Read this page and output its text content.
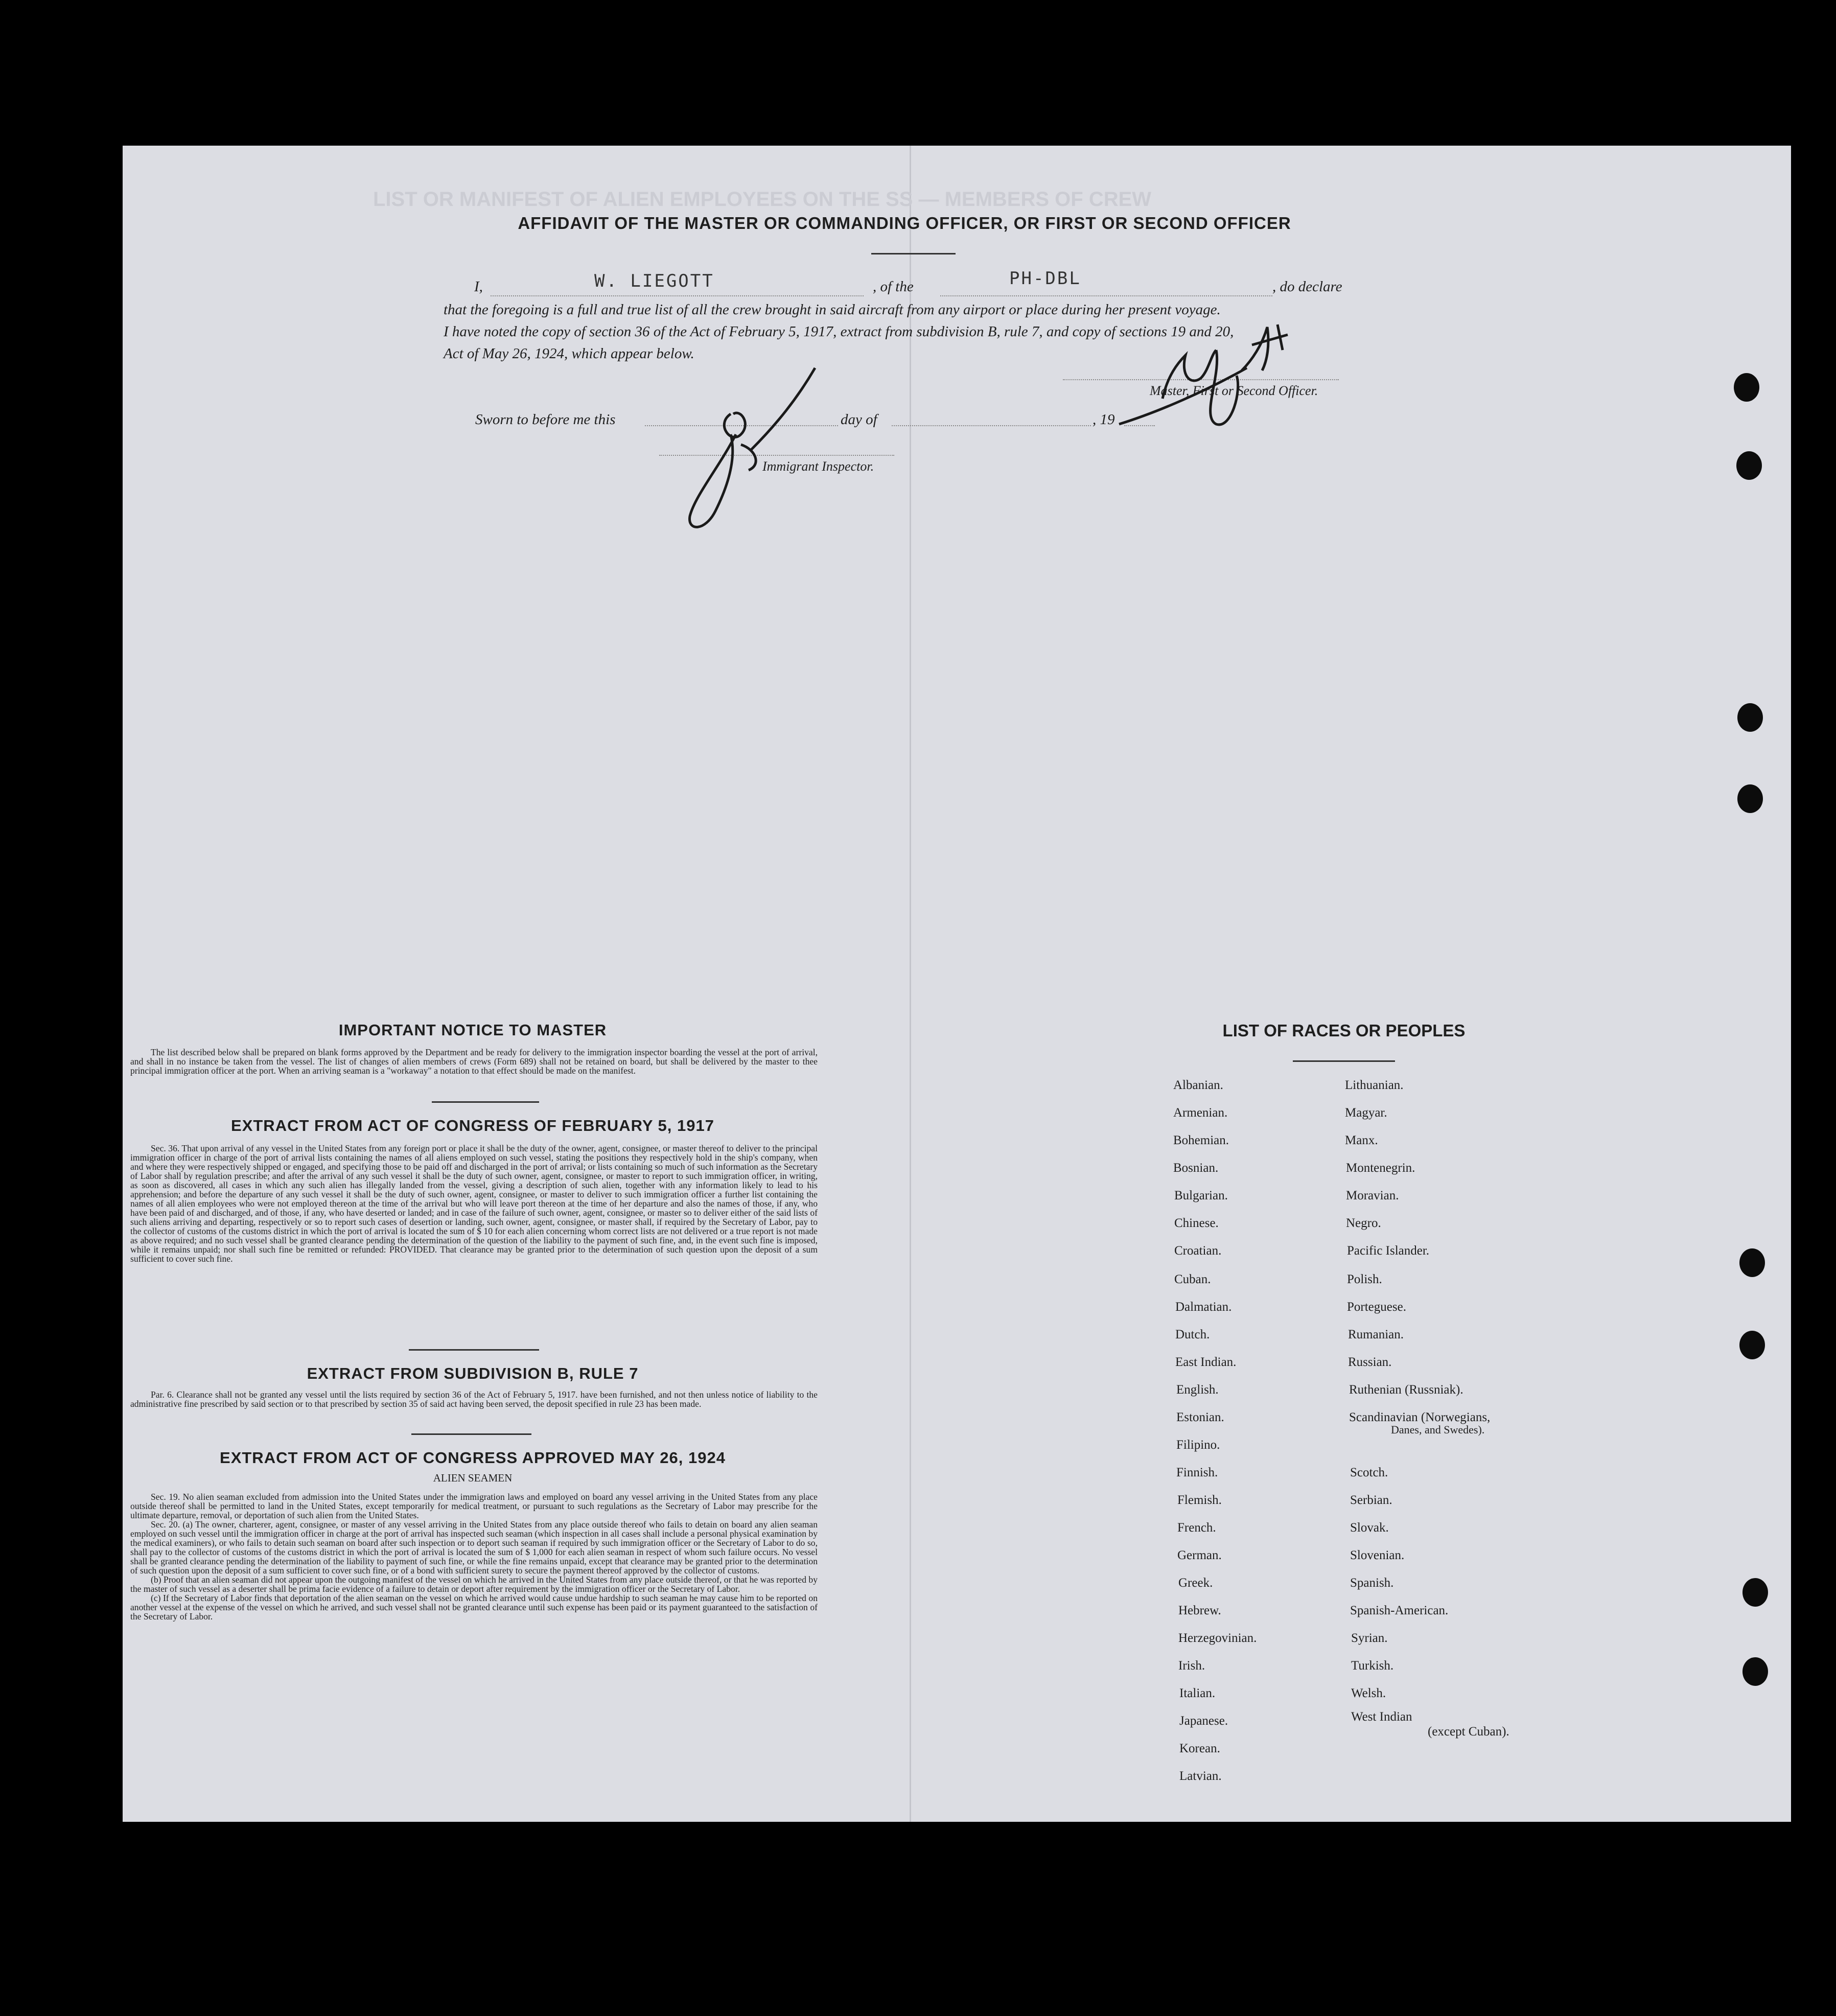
LIST OR MANIFEST OF ALIEN EMPLOYEES ON THE SS — MEMBERS OF CREW
AFFIDAVIT OF THE MASTER OR COMMANDING OFFICER, OR FIRST OR SECOND OFFICER
I,	W. LIEGOTT	, of the	PH-DBL	, do declare
that the foregoing is a full and true list of all the crew brought in said aircraft from any airport or place during her present voyage.
I have noted the copy of section 36 of the Act of February 5, 1917, extract from subdivision B, rule 7, and copy of sections 19 and 20,
Act of May 26, 1924, which appear below.
Master, First or Second Officer.
Sworn to before me this	day of	, 19
Immigrant Inspector.
IMPORTANT NOTICE TO MASTER
The list described below shall be prepared on blank forms approved by the Department and be ready for delivery to the immigration inspector boarding the vessel at the port of arrival, and shall in no instance be taken from the vessel. The list of changes of alien members of crews (Form 689) shall not be retained on board, but shall be delivered by the master to thee principal immigration officer at the port. When an arriving seaman is a "workaway" a notation to that effect should be made on the manifest.
EXTRACT FROM ACT OF CONGRESS OF FEBRUARY 5, 1917
Sec. 36. That upon arrival of any vessel in the United States from any foreign port or place it shall be the duty of the owner, agent, consignee, or master thereof to deliver to the principal immigration officer in charge of the port of arrival lists containing the names of all aliens employed on such vessel, stating the positions they respectively hold in the ship's company, when and where they were respectively shipped or engaged, and specifying those to be paid off and discharged in the port of arrival; or lists containing so much of such information as the Secretary of Labor shall by regulation prescribe; and after the arrival of any such vessel it shall be the duty of such owner, agent, consignee, or master to report to such immigration officer, in writing, as soon as discovered, all cases in which any such alien has illegally landed from the vessel, giving a description of such alien, together with any information likely to lead to his apprehension; and before the departure of any such vessel it shall be the duty of such owner, agent, consignee, or master to deliver to such immigration officer a further list containing the names of all alien employees who were not employed thereon at the time of the arrival but who will leave port thereon at the time of her departure and also the names of those, if any, who have been paid of and discharged, and of those, if any, who have deserted or landed; and in case of the failure of such owner, agent, consignee, or master so to deliver either of the said lists of such aliens arriving and departing, respectively or so to report such cases of desertion or landing, such owner, agent, consignee, or master shall, if required by the Secretary of Labor, pay to the collector of customs of the customs district in which the port of arrival is located the sum of $ 10 for each alien concerning whom correct lists are not delivered or a true report is not made as above required; and no such vessel shall be granted clearance pending the determination of the question of the liability to the payment of such fine, and, in the event such fine is imposed, while it remains unpaid; nor shall such fine be remitted or refunded: PROVIDED. That clearance may be granted prior to the determination of such question upon the deposit of a sum sufficient to cover such fine.
EXTRACT FROM SUBDIVISION B, RULE 7
Par. 6. Clearance shall not be granted any vessel until the lists required by section 36 of the Act of February 5, 1917. have been furnished, and not then unless notice of liability to the administrative fine prescribed by said section or to that prescribed by section 35 of said act having been served, the deposit specified in rule 23 has been made.
EXTRACT FROM ACT OF CONGRESS APPROVED MAY 26, 1924
ALIEN SEAMEN

Sec. 19. No alien seaman excluded from admission into the United States under the immigration laws and employed on board any vessel arriving in the United States from any place outside thereof shall be permitted to land in the United States, except temporarily for medical treatment, or pursuant to such regulations as the Secretary of Labor may prescribe for the ultimate departure, removal, or deportation of such alien from the United States.

Sec. 20. (a) The owner, charterer, agent, consignee, or master of any vessel arriving in the United States from any place outside thereof who fails to detain on board any alien seaman employed on such vessel until the immigration officer in charge at the port of arrival has inspected such seaman (which inspection in all cases shall include a personal physical examination by the medical examiners), or who fails to detain such seaman on board after such inspection or to deport such seaman if required by such immigration officer or the Secretary of Labor to do so, shall pay to the collector of customs of the customs district in which the port of arrival is located the sum of $ 1,000 for each alien seaman in respect of whom such failure occurs. No vessel shall be granted clearance pending the determination of the liability to payment of such fine, or while the fine remains unpaid, except that clearance may be granted prior to the determination of such question upon the deposit of a sum sufficient to cover such fine, or of a bond with sufficient surety to secure the payment thereof approved by the collector of customs.

(b) Proof that an alien seaman did not appear upon the outgoing manifest of the vessel on which he arrived in the United States from any place outside thereof, or that he was reported by the master of such vessel as a deserter shall be prima facie evidence of a failure to detain or deport after requirement by the immigration officer or the Secretary of Labor.

(c) If the Secretary of Labor finds that deportation of the alien seaman on the vessel on which he arrived would cause undue hardship to such seaman he may cause him to be reported on another vessel at the expense of the vessel on which he arrived, and such vessel shall not be granted clearance until such expense has been paid or its payment guaranteed to the satisfaction of the Secretary of Labor.

LIST OF RACES OR PEOPLES
Albanian.
Armenian.
Bohemian.
Bosnian.
Bulgarian.
Chinese.
Croatian.
Cuban.
Dalmatian.
Dutch.
East Indian.
English.
Estonian.
Filipino.
Finnish.
Flemish.
French.
German.
Greek.
Hebrew.
Herzegovinian.
Irish.
Italian.
Japanese.
Korean.
Latvian.
Lithuanian.
Magyar.
Manx.
Montenegrin.
Moravian.
Negro.
Pacific Islander.
Polish.
Porteguese.
Rumanian.
Russian.
Ruthenian (Russniak).
Scandinavian (Norwegians,
Danes, and Swedes).
Scotch.
Serbian.
Slovak.
Slovenian.
Spanish.
Spanish-American.
Syrian.
Turkish.
Welsh.
West Indian
(except Cuban).
